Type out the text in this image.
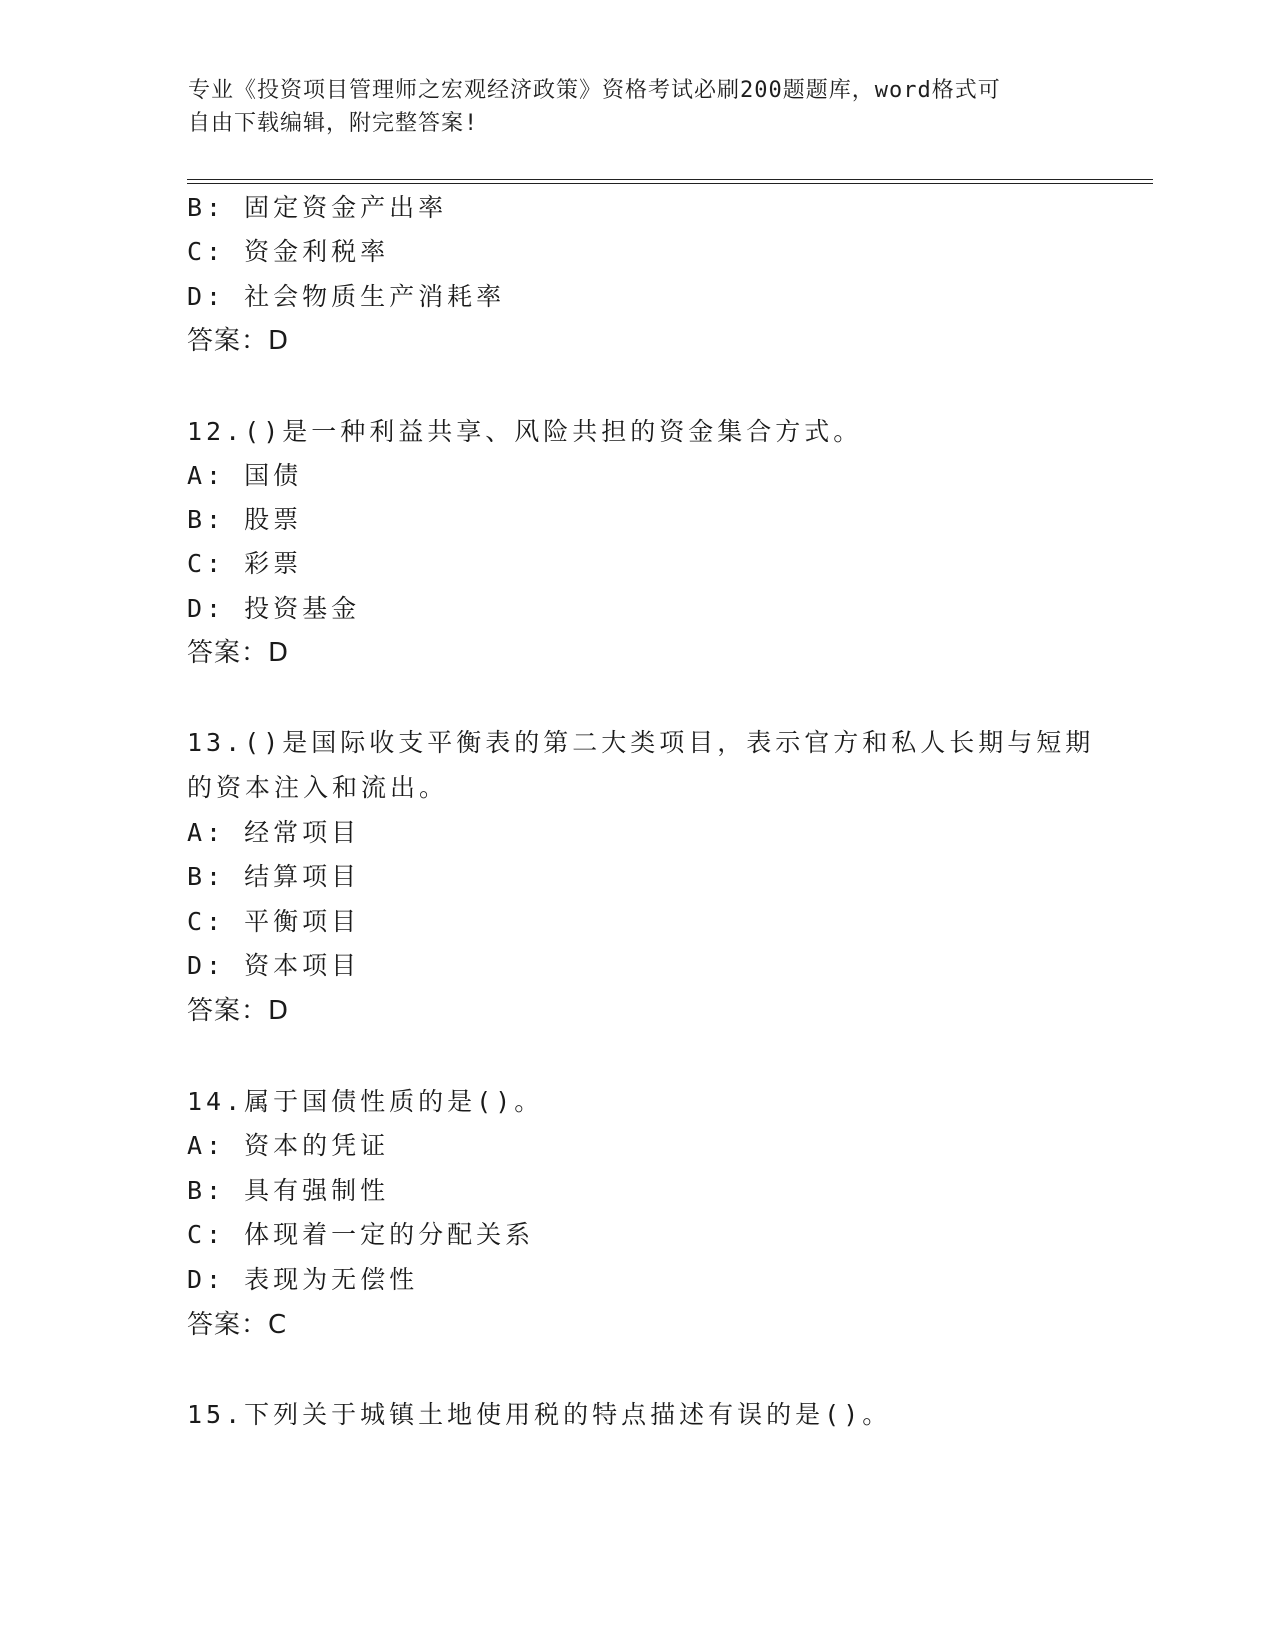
专业《投资项目管理师之宏观经济政策》资格考试必刷200题题库，word格式可
自由下载编辑，附完整答案!
B: 固定资金产出率
C: 资金利税率
D: 社会物质生产消耗率
答案：D
12.()是一种利益共享、风险共担的资金集合方式。
A: 国债
B: 股票
C: 彩票
D: 投资基金
答案：D
13.()是国际收支平衡表的第二大类项目，表示官方和私人长期与短期
的资本注入和流出。
A: 经常项目
B: 结算项目
C: 平衡项目
D: 资本项目
答案：D
14.属于国债性质的是()。
A: 资本的凭证
B: 具有强制性
C: 体现着一定的分配关系
D: 表现为无偿性
答案：C
15.下列关于城镇土地使用税的特点描述有误的是()。
